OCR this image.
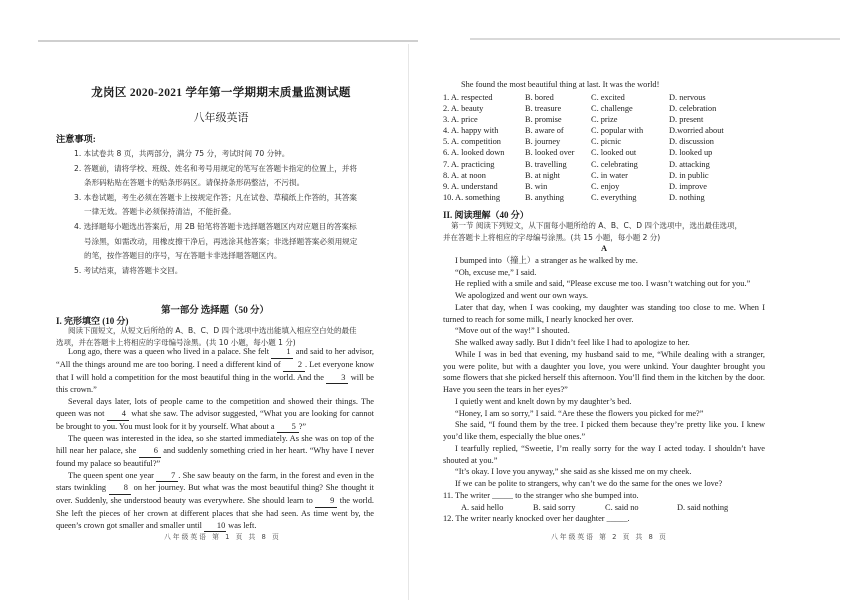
龙岗区 2020-2021 学年第一学期期末质量监测试题
八年级英语
注意事项:
1. 本试卷共 8 页，共两部分，满分 75 分，考试时间 70 分钟。
2. 答题前，请将学校、班级、姓名和考号用规定的笔写在答题卡指定的位置上，并将
条形码粘贴在答题卡的贴条形码区。请保持条形码整洁，不污损。
3. 本卷试题，考生必须在答题卡上按规定作答；凡在试卷、草稿纸上作答的，其答案
一律无效。答题卡必须保持清洁，不能折叠。
4. 选择题每小题选出答案后，用 2B 铅笔将答题卡选择题答题区内对应题目的答案标
号涂黑，如需改动，用橡皮擦干净后，再选涂其他答案；非选择题答案必须用规定
的笔，按作答题目的序号，写在答题卡非选择题答题区内。
5. 考试结束，请将答题卡交回。
第一部分 选择题（50 分）
I. 完形填空 (10 分)
阅读下面短文，从短文后所给的 A、B、C、D 四个选项中选出能填入相应空白处的最佳
选项，并在答题卡上将相应的字母编号涂黑。(共 10 小题，每小题 1 分)

Long ago, there was a queen who lived in a palace. She felt 1 and said to her advisor, “All the things around me are too boring. I need a different kind of 2 . Let everyone know that I will hold a competition for the most beautiful thing in the world. And the 3 will be this crown.”

Several days later, lots of people came to the competition and showed their things. The queen was not 4 what she saw. The advisor suggested, “What you are looking for cannot be brought to you. You must look for it by yourself. What about a 5 ?”

The queen was interested in the idea, so she started immediately. As she was on top of the hill near her palace, she 6 and suddenly something cried in her heart. “Why have I never found my palace so beautiful?”

The queen spent one year 7 . She saw beauty on the farm, in the forest and even in the stars twinkling 8 on her journey. But what was the most beautiful thing? She thought it over. Suddenly, she understood beauty was everywhere. She should learn to 9 the world. She left the pieces of her crown at different places that she had seen. As time went by, the queen’s crown got smaller and smaller until 10 was left.

八年级英语 第 1 页 共 8 页
She found the most beautiful thing at last. It was the world!
1. A. respected	B. bored	C. excited	D. nervous
2. A. beauty	B. treasure	C. challenge	D. celebration
3. A. price	B. promise	C. prize	D. present
4. A. happy with	B. aware of	C. popular with	D.worried about
5. A. competition	B. journey	C. picnic	D. discussion
6. A. looked down	B. looked over	C. looked out	D. looked up
7. A. practicing	B. travelling	C. celebrating	D. attacking
8. A. at noon	B. at night	C. in water	D. in public
9. A. understand	B. win	C. enjoy	D. improve
10. A. something	B. anything	C. everything	D. nothing
II. 阅读理解（40 分）
第一节 阅读下列短文，从下面每小题所给的 A、B、C、D 四个选项中，选出最佳选项，
并在答题卡上将相应的字母编号涂黑。(共 15 小题，每小题 2 分)
A

I bumped into（撞上）a stranger as he walked by me.

“Oh, excuse me,” I said.

He replied with a smile and said, “Please excuse me too. I wasn’t watching out for you.”

We apologized and went our own ways.

Later that day, when I was cooking, my daughter was standing too close to me. When I turned to reach for some milk, I nearly knocked her over.

“Move out of the way!” I shouted.

She walked away sadly. But I didn’t feel like I had to apologize to her.

While I was in bed that evening, my husband said to me, “While dealing with a stranger, you were polite, but with a daughter you love, you were unkind. Your daughter brought you some flowers that she picked herself this afternoon. You’ll find them in the kitchen by the door. Have you seen the tears in her eyes?”

I quietly went and knelt down by my daughter’s bed.

“Honey, I am so sorry,” I said. “Are these the flowers you picked for me?”

She said, “I found them by the tree. I picked them because they’re pretty like you. I knew you’d like them, especially the blue ones.”

I tearfully replied, “Sweetie, I’m really sorry for the way I acted today. I shouldn’t have shouted at you.”

“It’s okay. I love you anyway,” she said as she kissed me on my cheek.

If we can be polite to strangers, why can’t we do the same for the ones we love?

11. The writer _____ to the stranger who she bumped into.

A. said hello	B. said sorry	C. said no	D. said nothing

12. The writer nearly knocked over her daughter _____.

八年级英语 第 2 页 共 8 页
